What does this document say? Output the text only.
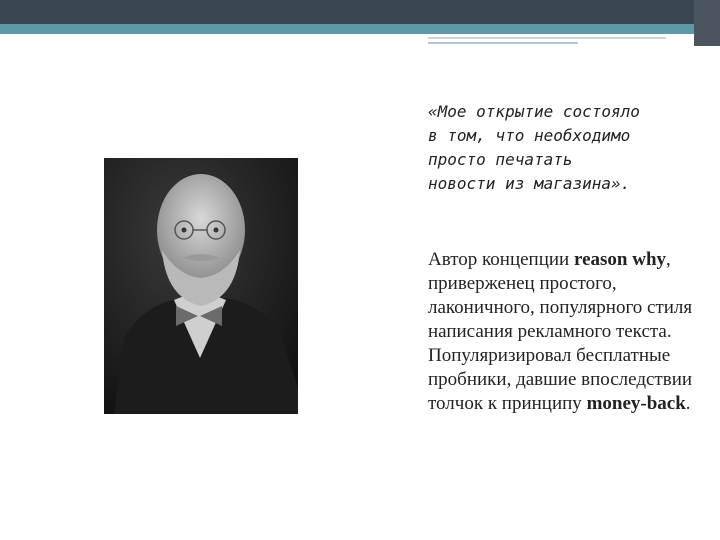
«Мое открытие состояло
в том, что необходимо
просто печатать
новости из магазина».
Автор концепции reason why, приверженец простого, лаконичного, популярного стиля написания рекламного текста. Популяризировал бесплатные пробники, давшие впоследствии толчок к принципу money-back.
